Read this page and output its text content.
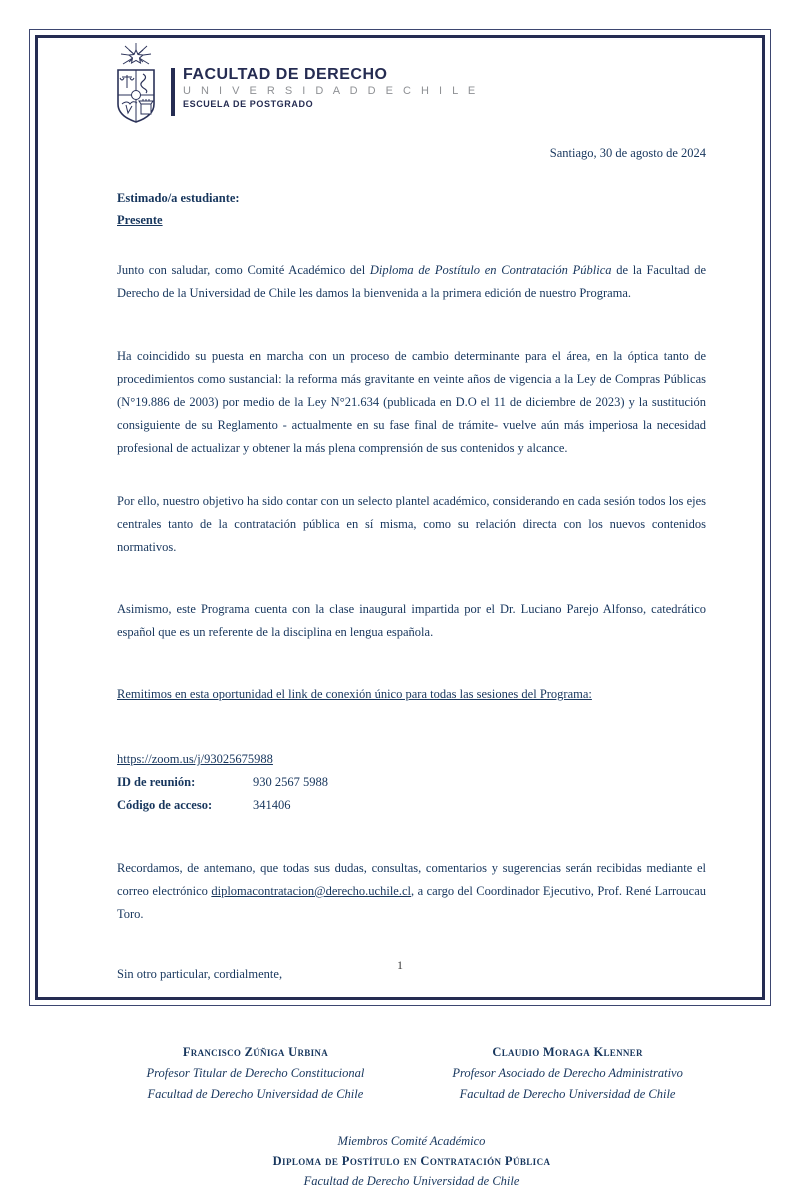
FACULTAD DE DERECHO
U N I V E R S I D A D D E C H I L E
ESCUELA DE POSTGRADO
Santiago, 30 de agosto de 2024
Estimado/a estudiante:
Presente

Junto con saludar, como Comité Académico del Diploma de Postítulo en Contratación Pública de la Facultad de Derecho de la Universidad de Chile les damos la bienvenida a la primera edición de nuestro Programa.

Ha coincidido su puesta en marcha con un proceso de cambio determinante para el área, en la óptica tanto de procedimientos como sustancial: la reforma más gravitante en veinte años de vigencia a la Ley de Compras Públicas (N°19.886 de 2003) por medio de la Ley N°21.634 (publicada en D.O el 11 de diciembre de 2023) y la sustitución consiguiente de su Reglamento - actualmente en su fase final de trámite- vuelve aún más imperiosa la necesidad profesional de actualizar y obtener la más plena comprensión de sus contenidos y alcance.

Por ello, nuestro objetivo ha sido contar con un selecto plantel académico, considerando en cada sesión todos los ejes centrales tanto de la contratación pública en sí misma, como su relación directa con los nuevos contenidos normativos.

Asimismo, este Programa cuenta con la clase inaugural impartida por el Dr. Luciano Parejo Alfonso, catedrático español que es un referente de la disciplina en lengua española.

Remitimos en esta oportunidad el link de conexión único para todas las sesiones del Programa:

https://zoom.us/j/93025675988
ID de reunión:	930 2567 5988
Código de acceso:	341406

Recordamos, de antemano, que todas sus dudas, consultas, comentarios y sugerencias serán recibidas mediante el correo electrónico diplomacontratacion@derecho.uchile.cl, a cargo del Coordinador Ejecutivo, Prof. René Larroucau Toro.

Sin otro particular, cordialmente,

Francisco Zúñiga Urbina
Profesor Titular de Derecho Constitucional
Facultad de Derecho Universidad de Chile
Claudio Moraga Klenner
Profesor Asociado de Derecho Administrativo
Facultad de Derecho Universidad de Chile
Miembros Comité Académico
Diploma de Postítulo en Contratación Pública
Facultad de Derecho Universidad de Chile
1
